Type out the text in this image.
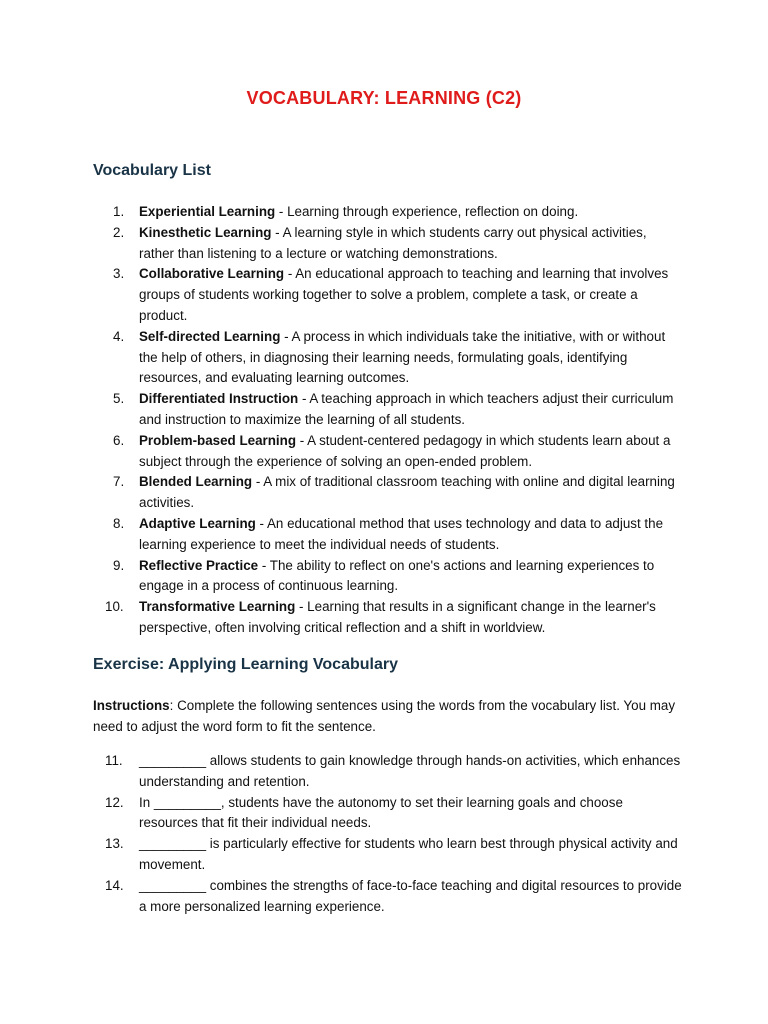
VOCABULARY: LEARNING (C2)
Vocabulary List
1. Experiential Learning - Learning through experience, reflection on doing.
2. Kinesthetic Learning - A learning style in which students carry out physical activities, rather than listening to a lecture or watching demonstrations.
3. Collaborative Learning - An educational approach to teaching and learning that involves groups of students working together to solve a problem, complete a task, or create a product.
4. Self-directed Learning - A process in which individuals take the initiative, with or without the help of others, in diagnosing their learning needs, formulating goals, identifying resources, and evaluating learning outcomes.
5. Differentiated Instruction - A teaching approach in which teachers adjust their curriculum and instruction to maximize the learning of all students.
6. Problem-based Learning - A student-centered pedagogy in which students learn about a subject through the experience of solving an open-ended problem.
7. Blended Learning - A mix of traditional classroom teaching with online and digital learning activities.
8. Adaptive Learning - An educational method that uses technology and data to adjust the learning experience to meet the individual needs of students.
9. Reflective Practice - The ability to reflect on one's actions and learning experiences to engage in a process of continuous learning.
10. Transformative Learning - Learning that results in a significant change in the learner's perspective, often involving critical reflection and a shift in worldview.
Exercise: Applying Learning Vocabulary
Instructions: Complete the following sentences using the words from the vocabulary list. You may need to adjust the word form to fit the sentence.
11. _________ allows students to gain knowledge through hands-on activities, which enhances understanding and retention.
12. In _________, students have the autonomy to set their learning goals and choose resources that fit their individual needs.
13. _________ is particularly effective for students who learn best through physical activity and movement.
14. _________ combines the strengths of face-to-face teaching and digital resources to provide a more personalized learning experience.
